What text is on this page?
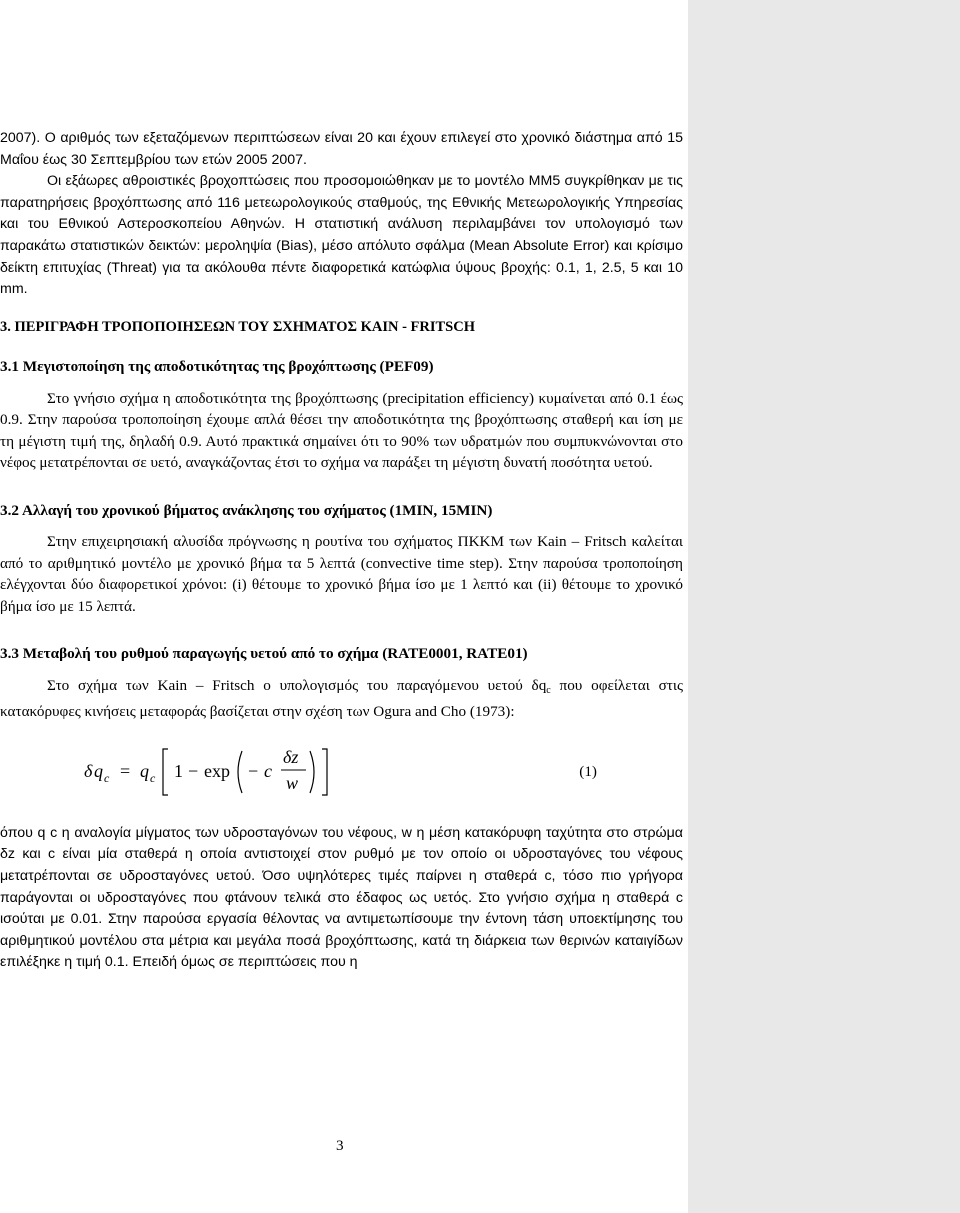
2007). Ο αριθμός των εξεταζόμενων περιπτώσεων είναι 20 και έχουν επιλεγεί στο χρονικό διάστημα από 15 Μαΐου έως 30 Σεπτεμβρίου των ετών 2005 2007.

Οι εξάωρες αθροιστικές βροχοπτώσεις που προσομοιώθηκαν με το μοντέλο ΜΜ5 συγκρίθηκαν με τις παρατηρήσεις βροχόπτωσης από 116 μετεωρολογικούς σταθμούς, της Εθνικής Μετεωρολογικής Υπηρεσίας και του Εθνικού Αστεροσκοπείου Αθηνών. Η στατιστική ανάλυση περιλαμβάνει τον υπολογισμό των παρακάτω στατιστικών δεικτών: μεροληψία (Bias), μέσο απόλυτο σφάλμα (Mean Absolute Error) και κρίσιμο δείκτη επιτυχίας (Threat) για τα ακόλουθα πέντε διαφορετικά κατώφλια ύψους βροχής: 0.1, 1, 2.5, 5 και 10 mm.

3. ΠΕΡΙΓΡΑΦΗ ΤΡΟΠΟΠΟΙΗΣΕΩΝ ΤΟΥ ΣΧΗΜΑΤΟΣ KAIN - FRITSCH
3.1 Μεγιστοποίηση της αποδοτικότητας της βροχόπτωσης (PEF09)

Στο γνήσιο σχήμα η αποδοτικότητα της βροχόπτωσης (precipitation efficiency) κυμαίνεται από 0.1 έως 0.9. Στην παρούσα τροποποίηση έχουμε απλά θέσει την αποδοτικότητα της βροχόπτωσης σταθερή και ίση με τη μέγιστη τιμή της, δηλαδή 0.9. Αυτό πρακτικά σημαίνει ότι το 90% των υδρατμών που συμπυκνώνονται στο νέφος μετατρέπονται σε υετό, αναγκάζοντας έτσι το σχήμα να παράξει τη μέγιστη δυνατή ποσότητα υετού.

3.2 Αλλαγή του χρονικού βήματος ανάκλησης του σχήματος (1MIN, 15MIN)

Στην επιχειρησιακή αλυσίδα πρόγνωσης η ρουτίνα του σχήματος ΠΚΚΜ των Kain – Fritsch καλείται από το αριθμητικό μοντέλο με χρονικό βήμα τα 5 λεπτά (convective time step). Στην παρούσα τροποποίηση ελέγχονται δύο διαφορετικοί χρόνοι: (i) θέτουμε το χρονικό βήμα ίσο με 1 λεπτό και (ii) θέτουμε το χρονικό βήμα ίσο με 15 λεπτά.

3.3 Μεταβολή του ρυθμού παραγωγής υετού από το σχήμα (RATE0001, RATE01)

Στο σχήμα των Kain – Fritsch ο υπολογισμός του παραγόμενου υετού $\delta q_c$ που οφείλεται στις κατακόρυφες κινήσεις μεταφοράς βασίζεται στην σχέση των Ogura and Cho (1973):

δ q c = q c 1 − exp − c
δz
w
(1)

όπου q c η αναλογία μίγματος των υδροσταγόνων του νέφους, w η μέση κατακόρυφη ταχύτητα στο στρώμα δz και c είναι μία σταθερά η οποία αντιστοιχεί στον ρυθμό με τον οποίο οι υδροσταγόνες του νέφους μετατρέπονται σε υδροσταγόνες υετού. Όσο υψηλότερες τιμές παίρνει η σταθερά c, τόσο πιο γρήγορα παράγονται οι υδροσταγόνες που φτάνουν τελικά στο έδαφος ως υετός. Στο γνήσιο σχήμα η σταθερά c ισούται με 0.01. Στην παρούσα εργασία θέλοντας να αντιμετωπίσουμε την έντονη τάση υποεκτίμησης του αριθμητικού μοντέλου στα μέτρια και μεγάλα ποσά βροχόπτωσης, κατά τη διάρκεια των θερινών καταιγίδων επιλέξηκε η τιμή 0.1. Επειδή όμως σε περιπτώσεις που η

3
